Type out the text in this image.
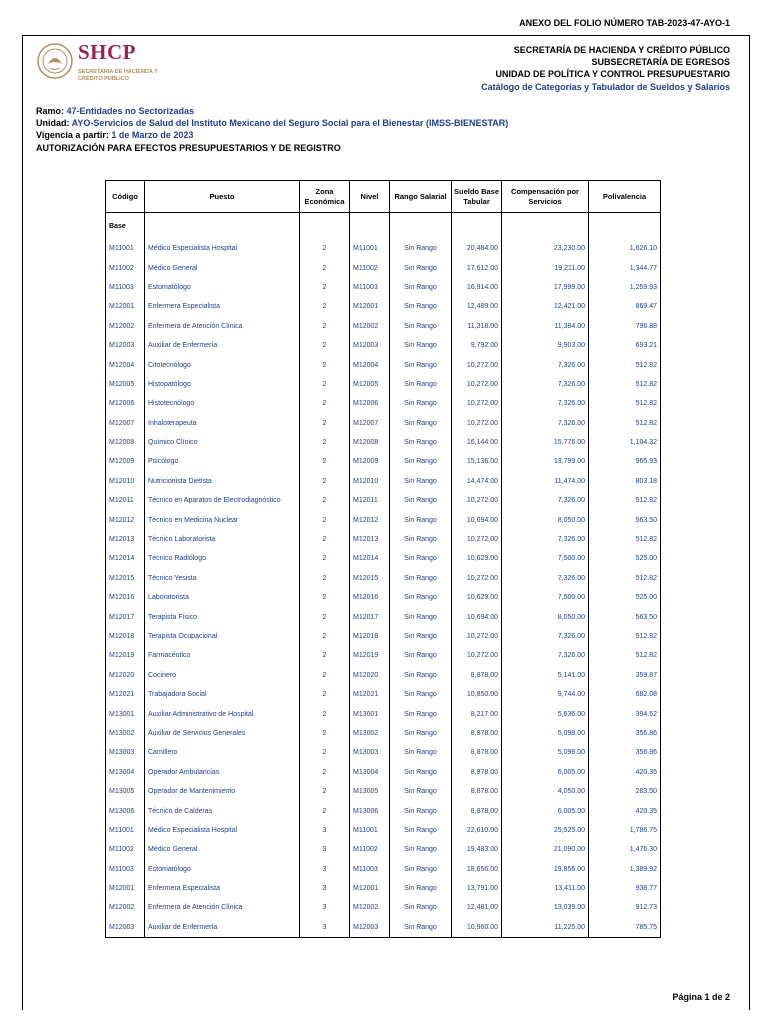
ANEXO DEL FOLIO NÚMERO TAB-2023-47-AYO-1
SHCP
SECRETARÍA DE HACIENDA Y CRÉDITO PÚBLICO
SECRETARÍA DE HACIENDA Y CRÉDITO PÚBLICO
SUBSECRETARÍA DE EGRESOS
UNIDAD DE POLÍTICA Y CONTROL PRESUPUESTARIO
Catálogo de Categorías y Tabulador de Sueldos y Salarios
Ramo: 47-Entidades no Sectorizadas
Unidad: AYO-Servicios de Salud del Instituto Mexicano del Seguro Social para el Bienestar (IMSS-BIENESTAR)
Vigencia a partir: 1 de Marzo de 2023
AUTORIZACIÓN PARA EFECTOS PRESUPUESTARIOS Y DE REGISTRO
Código	Puesto	Zona Económica	Nivel	Rango Salarial	Sueldo Base Tabular	Compensación por Servicios	Polivalencia
Base							
M11001	Médico Especialista Hospital	2	M11001	Sin Rango	20,484.00	23,230.00	1,626.10
M11002	Médico General	2	M11002	Sin Rango	17,612.00	19,211.00	1,344.77
M11003	Estomatólogo	2	M11003	Sin Rango	16,914.00	17,999.00	1,259.93
M12001	Enfermera Especialista	2	M12001	Sin Rango	12,489.00	12,421.00	869.47
M12002	Enfermera de Atención Clínica	2	M12002	Sin Rango	11,318.00	11,384.00	796.88
M12003	Auxiliar de Enfermería	2	M12003	Sin Rango	9,792.00	9,903.00	693.21
M12004	Citotecnólogo	2	M12004	Sin Rango	10,272.00	7,326.00	512.82
M12005	Histopatólogo	2	M12005	Sin Rango	10,272.00	7,326.00	512.82
M12006	Histotecnólogo	2	M12006	Sin Rango	10,272.00	7,326.00	512.82
M12007	Inhaloterapeuta	2	M12007	Sin Rango	10,272.00	7,326.00	512.82
M12008	Químico Clínico	2	M12008	Sin Rango	16,144.00	15,776.00	1,104.32
M12009	Psicólogo	2	M12009	Sin Rango	15,136.00	13,799.00	965.93
M12010	Nutricionista Dietista	2	M12010	Sin Rango	14,474.00	11,474.00	803.18
M12011	Técnico en Aparatos de Electrodiagnóstico	2	M12011	Sin Rango	10,272.00	7,326.00	512.82
M12012	Técnico en Medicina Nuclear	2	M12012	Sin Rango	10,694.00	8,050.00	563.50
M12013	Técnico Laboratorista	2	M12013	Sin Rango	10,272.00	7,326.00	512.82
M12014	Técnico Radiólogo	2	M12014	Sin Rango	10,629.00	7,500.00	525.00
M12015	Técnico Yesista	2	M12015	Sin Rango	10,272.00	7,326.00	512.82
M12016	Laboratorista	2	M12016	Sin Rango	10,629.00	7,500.00	525.00
M12017	Terapista Físico	2	M12017	Sin Rango	10,694.00	8,050.00	563.50
M12018	Terapista Ocupacional	2	M12018	Sin Rango	10,272.00	7,326.00	512.82
M12019	Farmacéutico	2	M12019	Sin Rango	10,272.00	7,326.00	512.82
M12020	Cocinero	2	M12020	Sin Rango	8,878.00	5,141.00	359.87
M12021	Trabajadora Social	2	M12021	Sin Rango	10,850.00	9,744.00	682.08
M13001	Auxiliar Administrativo de Hospital	2	M13001	Sin Rango	8,217.00	5,636.00	394.52
M13002	Auxiliar de Servicios Generales	2	M13002	Sin Rango	8,878.00	5,098.00	356.86
M13003	Camillero	2	M13003	Sin Rango	8,878.00	5,098.00	356.86
M13004	Operador Ambulancias	2	M13004	Sin Rango	8,878.00	6,005.00	420.35
M13005	Operador de Mantenimiento	2	M13005	Sin Rango	8,878.00	4,050.00	283.50
M13006	Técnico de Calderas	2	M13006	Sin Rango	8,878.00	6,005.00	420.35
M11001	Médico Especialista Hospital	3	M11001	Sin Rango	22,610.00	25,525.00	1,786.75
M11002	Médico General	3	M11002	Sin Rango	19,483.00	21,090.00	1,476.30
M11003	Estomatólogo	3	M11003	Sin Rango	18,656.00	19,856.00	1,389.92
M12001	Enfermera Especialista	3	M12001	Sin Rango	13,791.00	13,411.00	938.77
M12002	Enfermera de Atención Clínica	3	M12002	Sin Rango	12,481.00	13,039.00	912.73
M12003	Auxiliar de Enfermería	3	M12003	Sin Rango	10,960.00	11,225.00	785.75
Página 1 de 2
